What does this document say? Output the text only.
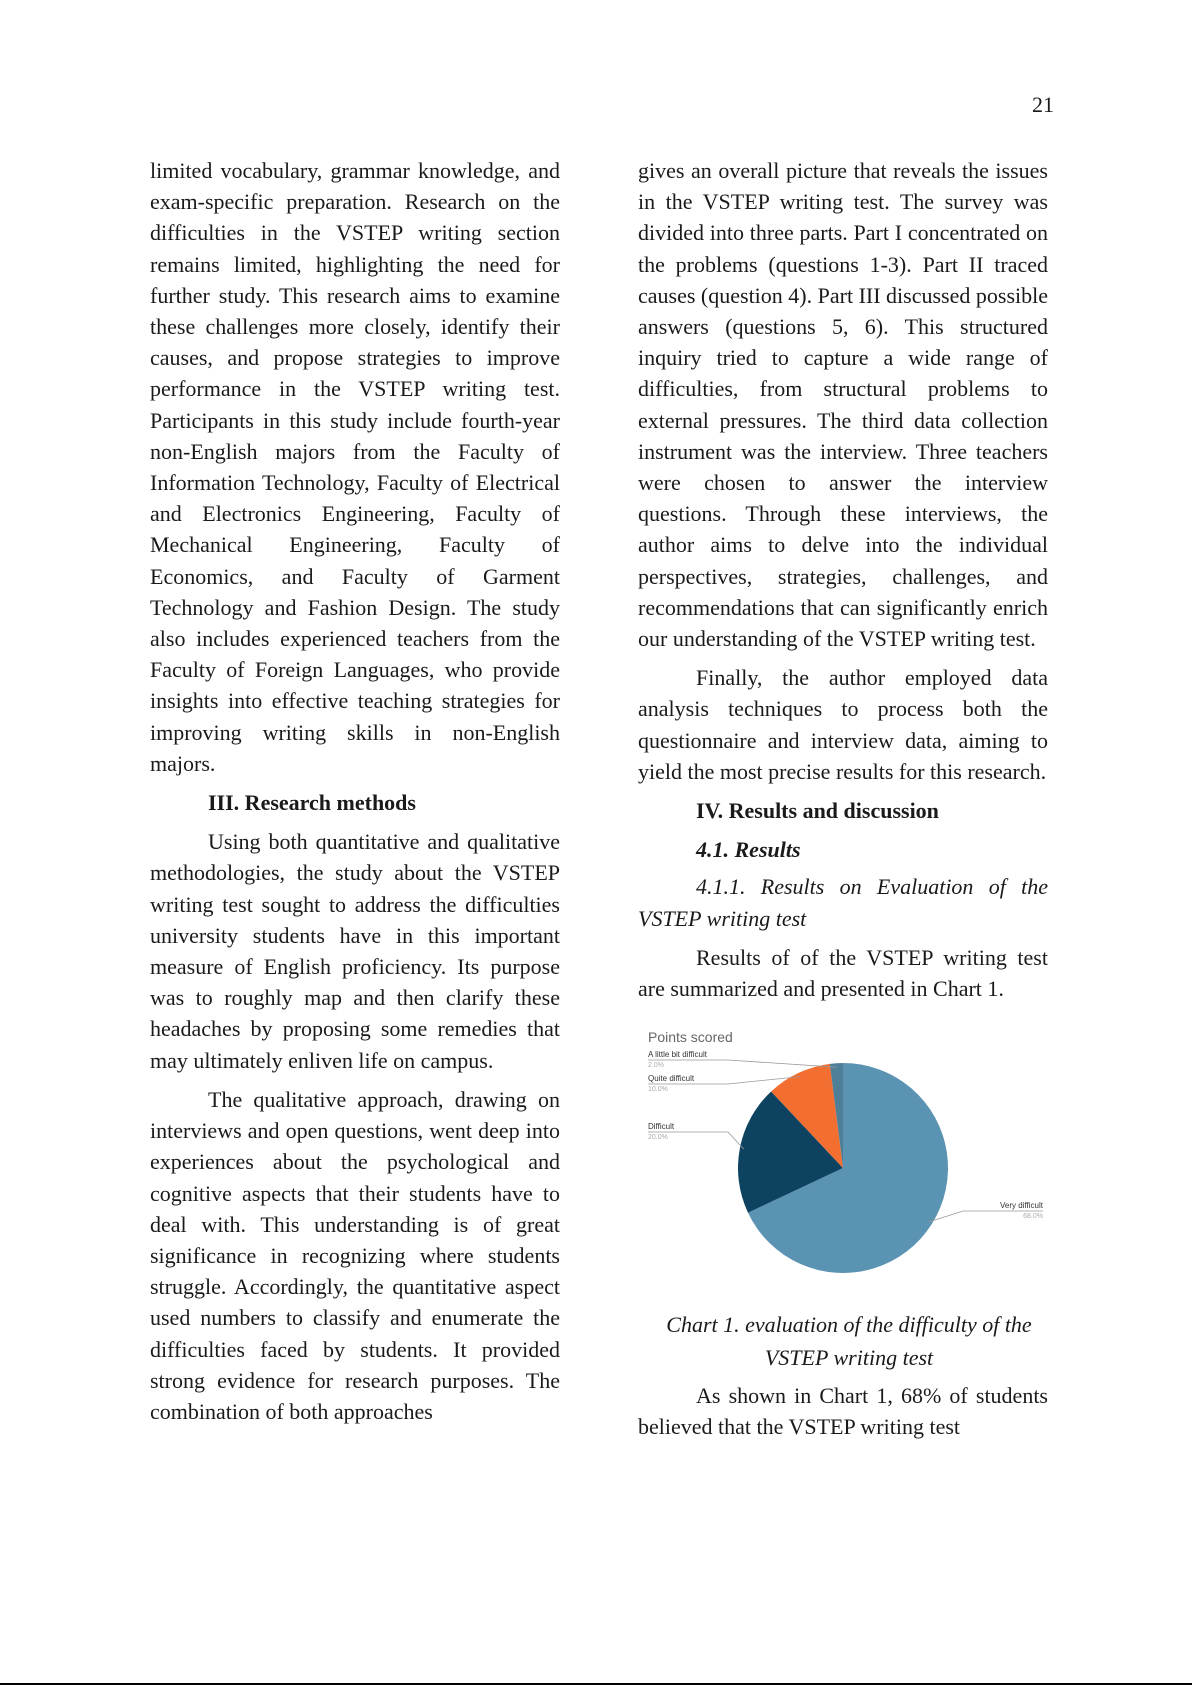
21

limited vocabulary, grammar knowledge, and exam-specific preparation. Research on the difficulties in the VSTEP writing section remains limited, highlighting the need for further study. This research aims to examine these challenges more closely, identify their causes, and propose strategies to improve performance in the VSTEP writing test. Participants in this study include fourth-year non-English majors from the Faculty of Information Technology, Faculty of Electrical and Electronics Engineering, Faculty of Mechanical Engineering, Faculty of Economics, and Faculty of Garment Technology and Fashion Design. The study also includes experienced teachers from the Faculty of Foreign Languages, who provide insights into effective teaching strategies for improving writing skills in non-English majors.

III. Research methods

Using both quantitative and qualitative methodologies, the study about the VSTEP writing test sought to address the difficulties university students have in this important measure of English proficiency. Its purpose was to roughly map and then clarify these headaches by proposing some remedies that may ultimately enliven life on campus.

The qualitative approach, drawing on interviews and open questions, went deep into experiences about the psychological and cognitive aspects that their students have to deal with. This understanding is of great significance in recognizing where students struggle. Accordingly, the quantitative aspect used numbers to classify and enumerate the difficulties faced by students. It provided strong evidence for research purposes. The combination of both approaches

gives an overall picture that reveals the issues in the VSTEP writing test. The survey was divided into three parts. Part I concentrated on the problems (questions 1-3). Part II traced causes (question 4). Part III discussed possible answers (questions 5, 6). This structured inquiry tried to capture a wide range of difficulties, from structural problems to external pressures. The third data collection instrument was the interview. Three teachers were chosen to answer the interview questions. Through these interviews, the author aims to delve into the individual perspectives, strategies, challenges, and recommendations that can significantly enrich our understanding of the VSTEP writing test.

Finally, the author employed data analysis techniques to process both the questionnaire and interview data, aiming to yield the most precise results for this research.

IV. Results and discussion
4.1. Results

4.1.1. Results on Evaluation of the VSTEP writing test

Results of of the VSTEP writing test are summarized and presented in Chart 1.

Points scored
Very difficult
68.0%
Difficult
20.0%
Quite difficult
10.0%
A little bit difficult
2.0%
Chart 1. evaluation of the difficulty of the VSTEP writing test

As shown in Chart 1, 68% of students believed that the VSTEP writing test
